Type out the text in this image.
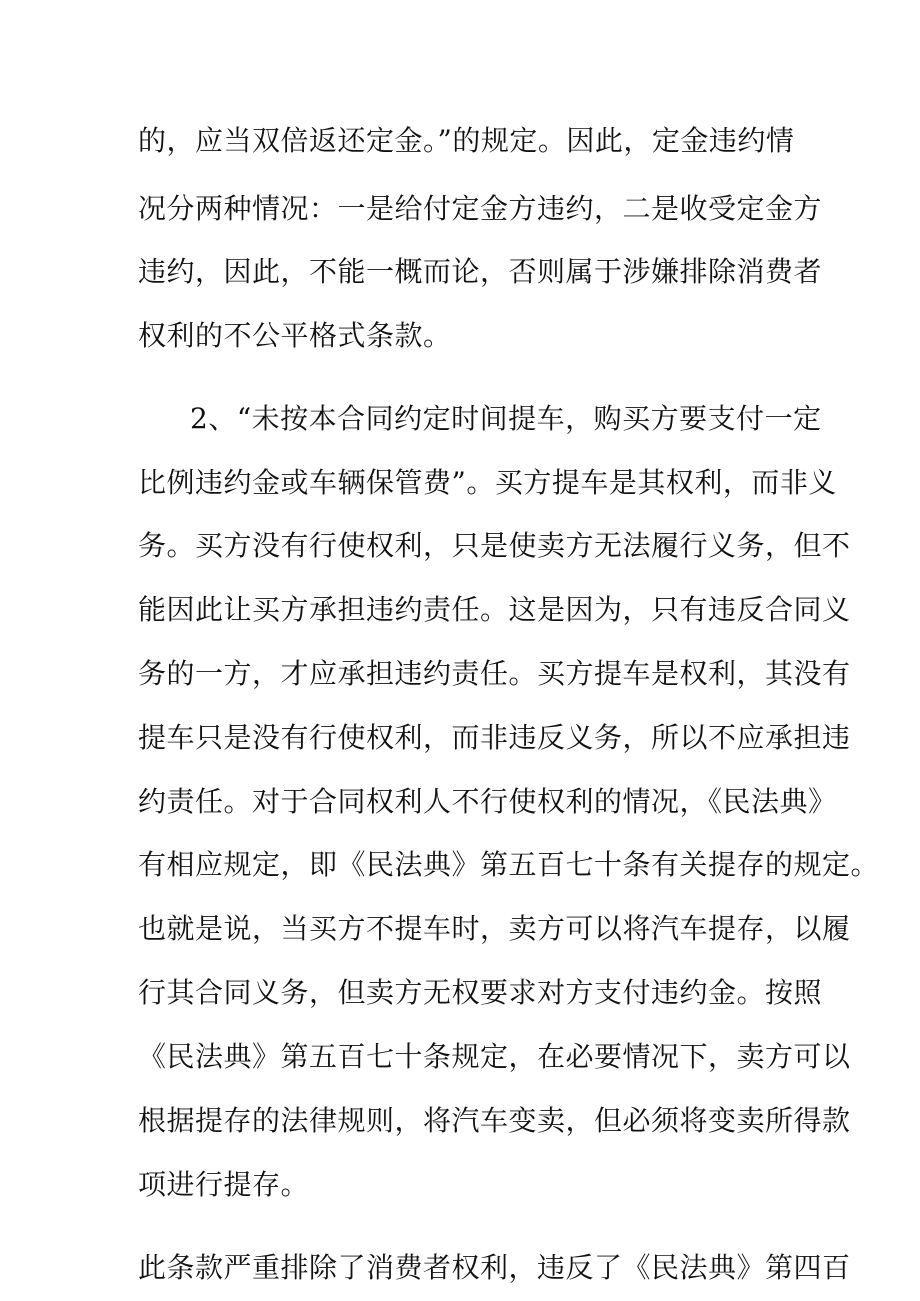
的，应当双倍返还定金。”的规定。因此，定金违约情
况分两种情况：一是给付定金方违约，二是收受定金方
违约，因此，不能一概而论，否则属于涉嫌排除消费者
权利的不公平格式条款。
2、“未按本合同约定时间提车，购买方要支付一定
比例违约金或车辆保管费”。买方提车是其权利，而非义
务。买方没有行使权利，只是使卖方无法履行义务，但不
能因此让买方承担违约责任。这是因为，只有违反合同义
务的一方，才应承担违约责任。买方提车是权利，其没有
提车只是没有行使权利，而非违反义务，所以不应承担违
约责任。对于合同权利人不行使权利的情况，《民法典》
有相应规定，即《民法典》第五百七十条有关提存的规定。
也就是说，当买方不提车时，卖方可以将汽车提存，以履
行其合同义务，但卖方无权要求对方支付违约金。按照
《民法典》第五百七十条规定，在必要情况下，卖方可以
根据提存的法律规则，将汽车变卖，但必须将变卖所得款
项进行提存。
此条款严重排除了消费者权利，违反了《民法典》第四百
